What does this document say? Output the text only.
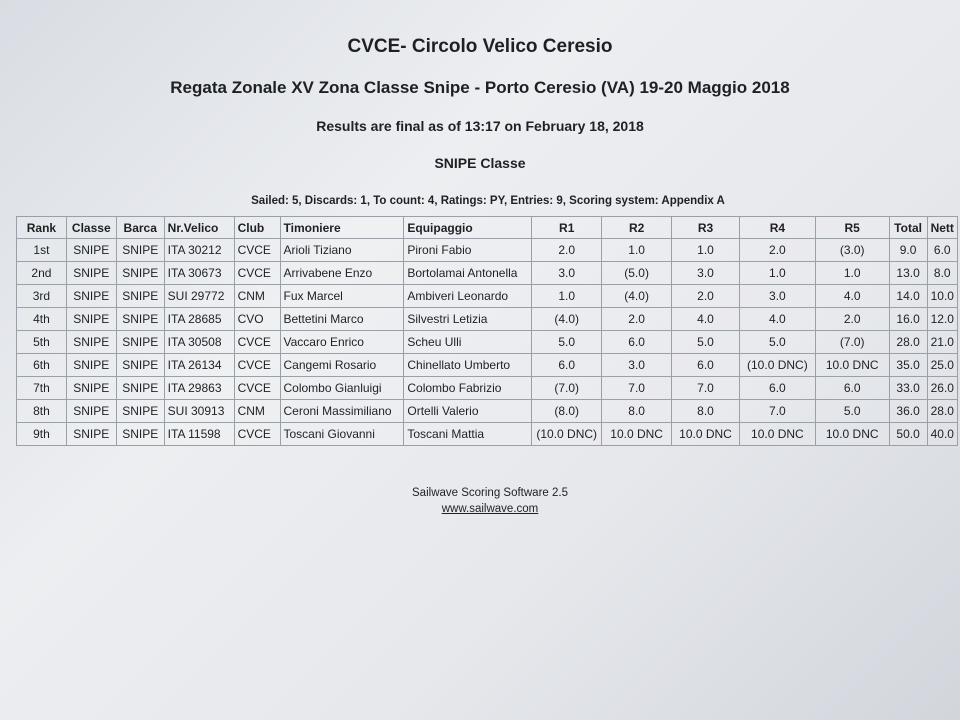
CVCE- Circolo Velico Ceresio
Regata Zonale XV Zona Classe Snipe - Porto Ceresio (VA) 19-20 Maggio 2018
Results are final as of 13:17 on February 18, 2018
SNIPE Classe
Sailed: 5, Discards: 1, To count: 4, Ratings: PY, Entries: 9, Scoring system: Appendix A
Rank	Classe	Barca	Nr.Velico	Club	Timoniere	Equipaggio	R1	R2	R3	R4	R5	Total	Nett
1st	SNIPE	SNIPE	ITA 30212	CVCE	Arioli Tiziano	Pironi Fabio	2.0	1.0	1.0	2.0	(3.0)	9.0	6.0
2nd	SNIPE	SNIPE	ITA 30673	CVCE	Arrivabene Enzo	Bortolamai Antonella	3.0	(5.0)	3.0	1.0	1.0	13.0	8.0
3rd	SNIPE	SNIPE	SUI 29772	CNM	Fux Marcel	Ambiveri Leonardo	1.0	(4.0)	2.0	3.0	4.0	14.0	10.0
4th	SNIPE	SNIPE	ITA 28685	CVO	Bettetini Marco	Silvestri Letizia	(4.0)	2.0	4.0	4.0	2.0	16.0	12.0
5th	SNIPE	SNIPE	ITA 30508	CVCE	Vaccaro Enrico	Scheu Ulli	5.0	6.0	5.0	5.0	(7.0)	28.0	21.0
6th	SNIPE	SNIPE	ITA 26134	CVCE	Cangemi Rosario	Chinellato Umberto	6.0	3.0	6.0	(10.0 DNC)	10.0 DNC	35.0	25.0
7th	SNIPE	SNIPE	ITA 29863	CVCE	Colombo Gianluigi	Colombo Fabrizio	(7.0)	7.0	7.0	6.0	6.0	33.0	26.0
8th	SNIPE	SNIPE	SUI 30913	CNM	Ceroni Massimiliano	Ortelli Valerio	(8.0)	8.0	8.0	7.0	5.0	36.0	28.0
9th	SNIPE	SNIPE	ITA 11598	CVCE	Toscani Giovanni	Toscani Mattia	(10.0 DNC)	10.0 DNC	10.0 DNC	10.0 DNC	10.0 DNC	50.0	40.0
Sailwave Scoring Software 2.5
www.sailwave.com
